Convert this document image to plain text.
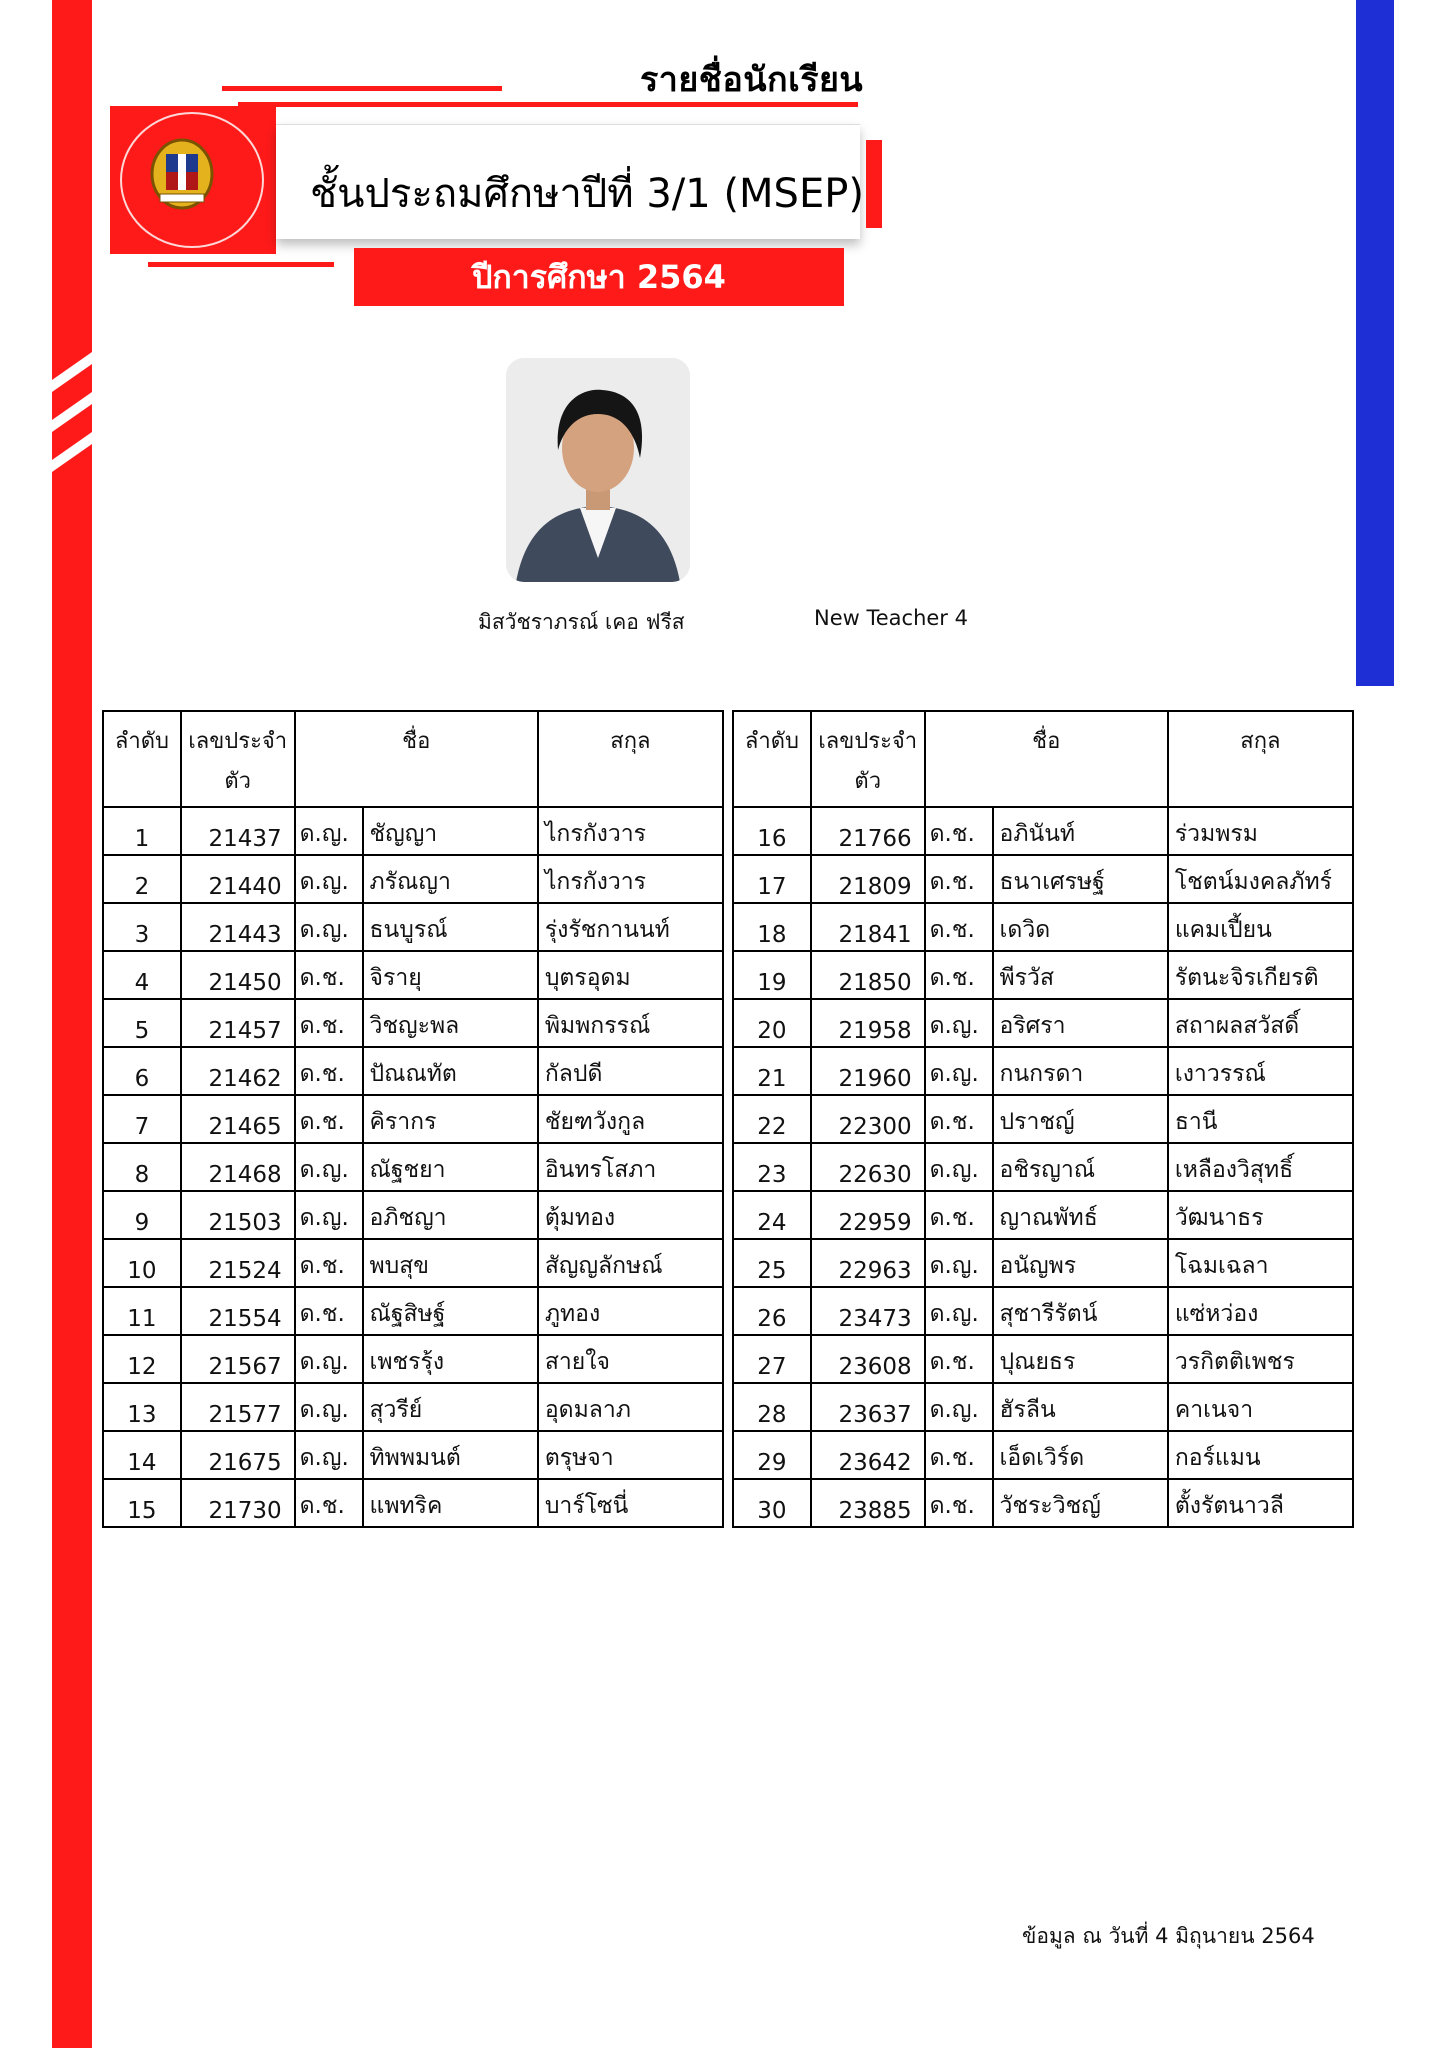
รายชื่อนักเรียน
ชั้นประถมศึกษาปีที่ 3/1 (MSEP)
ปีการศึกษา 2564
มิสวัชราภรณ์ เคอ ฟรีส	New Teacher 4
ลำดับ	เลขประจำตัว	ชื่อ		สกุล
1	21437	ด.ญ.	ชัญญา	ไกรกังวาร
2	21440	ด.ญ.	ภรัณญา	ไกรกังวาร
3	21443	ด.ญ.	ธนบูรณ์	รุ่งรัชกานนท์
4	21450	ด.ช.	จิรายุ	บุตรอุดม
5	21457	ด.ช.	วิชญะพล	พิมพกรรณ์
6	21462	ด.ช.	ปัณณทัต	กัลปดี
7	21465	ด.ช.	คิรากร	ชัยฑวังกูล
8	21468	ด.ญ.	ณัฐชยา	อินทรโสภา
9	21503	ด.ญ.	อภิชญา	ตุ้มทอง
10	21524	ด.ช.	พบสุข	สัญญลักษณ์
11	21554	ด.ช.	ณัฐสิษฐ์	ภูทอง
12	21567	ด.ญ.	เพชรรุ้ง	สายใจ
13	21577	ด.ญ.	สุวรีย์	อุดมลาภ
14	21675	ด.ญ.	ทิพพมนต์	ตรุษจา
15	21730	ด.ช.	แพทริค	บาร์โซนี่
ลำดับ	เลขประจำตัว	ชื่อ		สกุล
16	21766	ด.ช.	อภินันท์	ร่วมพรม
17	21809	ด.ช.	ธนาเศรษฐ์	โชตน์มงคลภัทร์
18	21841	ด.ช.	เดวิด	แคมเปี้ยน
19	21850	ด.ช.	พีรวัส	รัตนะจิรเกียรติ
20	21958	ด.ญ.	อริศรา	สถาผลสวัสดิ์
21	21960	ด.ญ.	กนกรดา	เงาวรรณ์
22	22300	ด.ช.	ปราชญ์	ธานี
23	22630	ด.ญ.	อชิรญาณ์	เหลืองวิสุทธิ์
24	22959	ด.ช.	ญาณพัทธ์	วัฒนาธร
25	22963	ด.ญ.	อนัญพร	โฉมเฉลา
26	23473	ด.ญ.	สุชารีรัตน์	แซ่หว่อง
27	23608	ด.ช.	ปุณยธร	วรกิตติเพชร
28	23637	ด.ญ.	ฮัรลีน	คาเนจา
29	23642	ด.ช.	เอ็ดเวิร์ด	กอร์แมน
30	23885	ด.ช.	วัชระวิชญ์	ตั้งรัตนาวลี
ข้อมูล ณ วันที่ 4 มิถุนายน 2564
